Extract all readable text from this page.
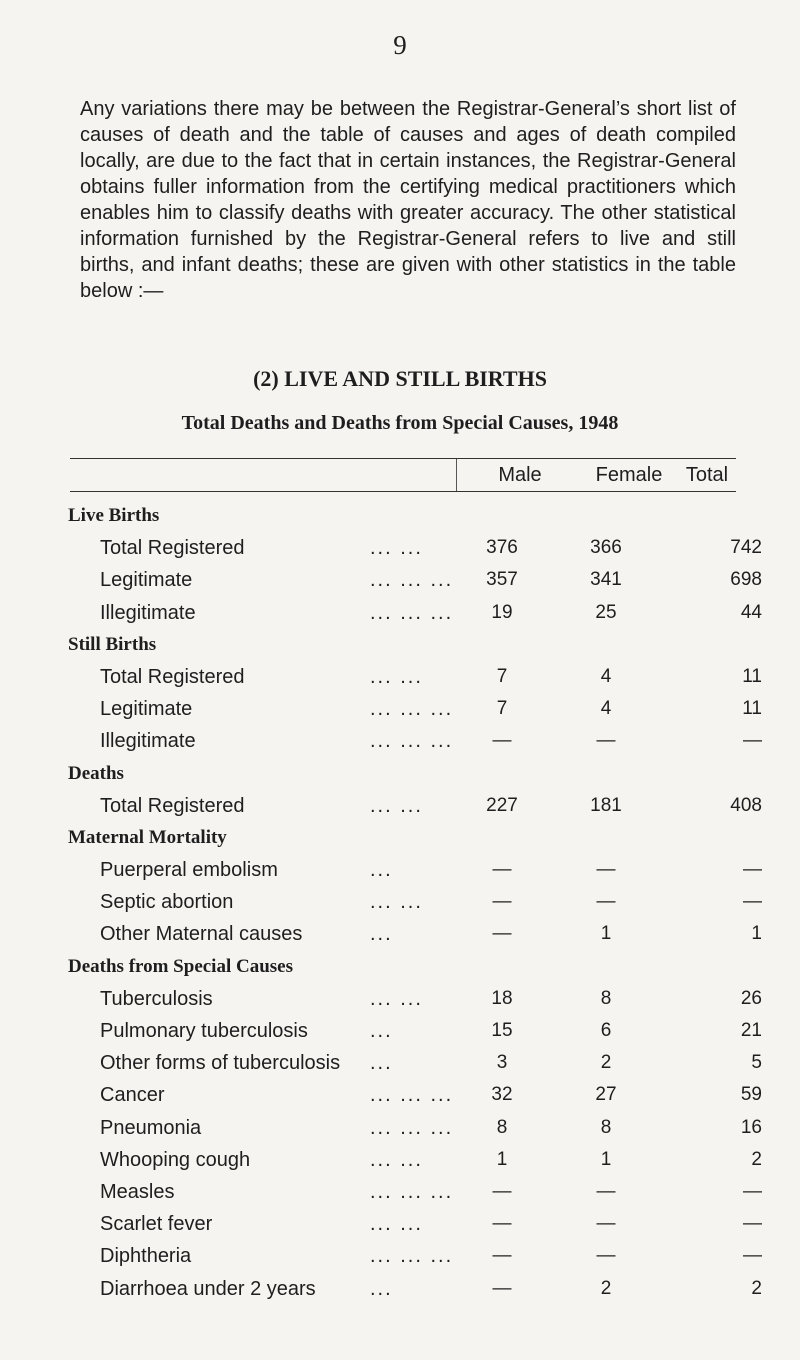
9
Any variations there may be between the Registrar-General’s short list of causes of death and the table of causes and ages of death compiled locally, are due to the fact that in certain instances, the Registrar-General obtains fuller information from the certifying medical practitioners which enables him to classify deaths with greater accuracy. The other statistical information furnished by the Registrar-General refers to live and still births, and infant deaths; these are given with other statistics in the table below :—
(2) LIVE AND STILL BIRTHS
Total Deaths and Deaths from Special Causes, 1948
Male	Female	Total
Live Births
Total Registered	... ...	376	366	742
Legitimate	... ... ...	357	341	698
Illegitimate	... ... ...	19	25	44
Still Births
Total Registered	... ...	7	4	11
Legitimate	... ... ...	7	4	11
Illegitimate	... ... ...	—	—	—
Deaths
Total Registered	... ...	227	181	408
Maternal Mortality
Puerperal embolism	...	—	—	—
Septic abortion	... ...	—	—	—
Other Maternal causes	...	—	1	1
Deaths from Special Causes
Tuberculosis	... ...	18	8	26
Pulmonary tuberculosis	...	15	6	21
Other forms of tuberculosis ...	3	2	5
Cancer	... ... ...	32	27	59
Pneumonia	... ... ...	8	8	16
Whooping cough	... ...	1	1	2
Measles	... ... ...	—	—	—
Scarlet fever	... ...	—	—	—
Diphtheria	... ... ...	—	—	—
Diarrhoea under 2 years	...	—	2	2
